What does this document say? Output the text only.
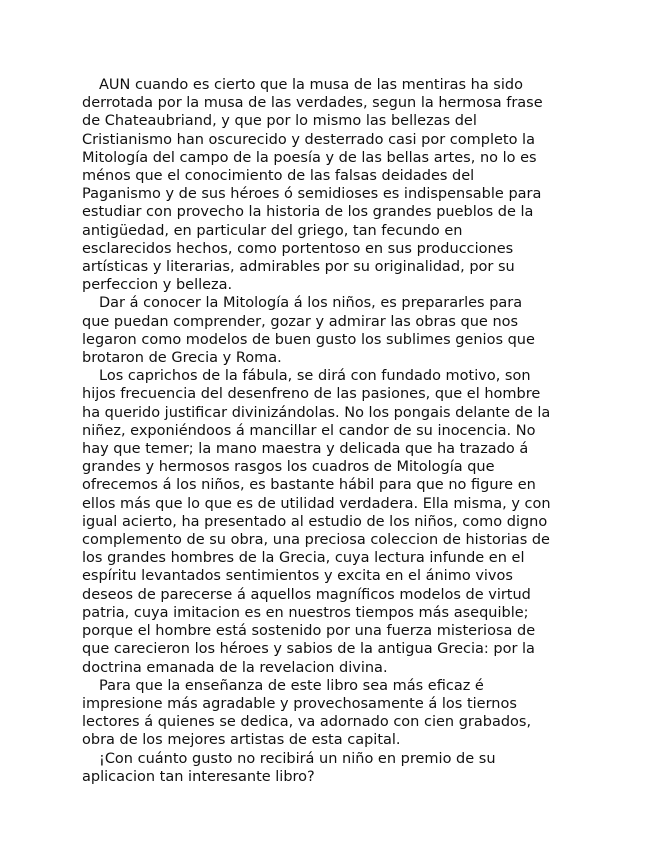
AUN cuando es cierto que la musa de las mentiras ha sido derrotada por la musa de las verdades, segun la hermosa frase de Chateaubriand, y que por lo mismo las bellezas del Cristianismo han oscurecido y desterrado casi por completo la Mitología del campo de la poesía y de las bellas artes, no lo es ménos que el conocimiento de las falsas deidades del Paganismo y de sus héroes ó semidioses es indispensable para estudiar con provecho la historia de los grandes pueblos de la antigüedad, en particular del griego, tan fecundo en esclarecidos hechos, como portentoso en sus producciones artísticas y literarias, admirables por su originalidad, por su perfeccion y belleza.

Dar á conocer la Mitología á los niños, es prepararles para que puedan comprender, gozar y admirar las obras que nos legaron como modelos de buen gusto los sublimes genios que brotaron de Grecia y Roma.

Los caprichos de la fábula, se dirá con fundado motivo, son hijos frecuencia del desenfreno de las pasiones, que el hombre ha querido justificar divinizándolas. No los pongais delante de la niñez, exponiéndoos á mancillar el candor de su inocencia. No hay que temer; la mano maestra y delicada que ha trazado á grandes y hermosos rasgos los cuadros de Mitología que ofrecemos á los niños, es bastante hábil para que no figure en ellos más que lo que es de utilidad verdadera. Ella misma, y con igual acierto, ha presentado al estudio de los niños, como digno complemento de su obra, una preciosa coleccion de historias de los grandes hombres de la Grecia, cuya lectura infunde en el espíritu levantados sentimientos y excita en el ánimo vivos deseos de parecerse á aquellos magníficos modelos de virtud patria, cuya imitacion es en nuestros tiempos más asequible; porque el hombre está sostenido por una fuerza misteriosa de que carecieron los héroes y sabios de la antigua Grecia: por la doctrina emanada de la revelacion divina.

Para que la enseñanza de este libro sea más eficaz é impresione más agradable y provechosamente á los tiernos lectores á quienes se dedica, va adornado con cien grabados, obra de los mejores artistas de esta capital.

¡Con cuánto gusto no recibirá un niño en premio de su aplicacion tan interesante libro?
